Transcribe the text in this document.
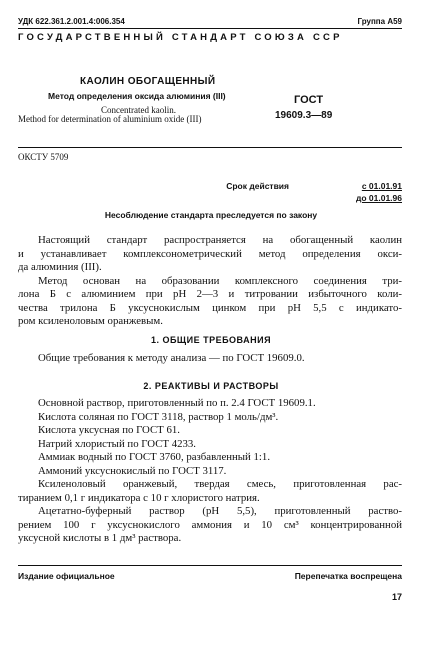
УДК 622.361.2.001.4:006.354	Группа А59
ГОСУДАРСТВЕННЫЙ СТАНДАРТ СОЮЗА ССР
КАОЛИН ОБОГАЩЕННЫЙ
Метод определения оксида алюминия (III)
Concentrated kaolin.
Method for determination of aluminium oxide (III)
ГОСТ
19609.3—89
ОКСТУ 5709
Срок действия	с 01.01.91
до 01.01.96
Несоблюдение стандарта преследуется по закону
Настоящий стандарт распространяется на обогащенный каолин
и устанавливает комплексонометрический метод определения окси-
да алюминия (III).
Метод основан на образовании комплексного соединения три-
лона Б с алюминием при pH 2—3 и титровании избыточного коли-
чества трилона Б уксуснокислым цинком при pH 5,5 с индикато-
ром ксиленоловым оранжевым.
1. ОБЩИЕ ТРЕБОВАНИЯ
Общие требования к методу анализа — по ГОСТ 19609.0.
2. РЕАКТИВЫ И РАСТВОРЫ
Основной раствор, приготовленный по п. 2.4 ГОСТ 19609.1.
Кислота соляная по ГОСТ 3118, раствор 1 моль/дм³.
Кислота уксусная по ГОСТ 61.
Натрий хлористый по ГОСТ 4233.
Аммиак водный по ГОСТ 3760, разбавленный 1:1.
Аммоний уксуснокислый по ГОСТ 3117.
Ксиленоловый оранжевый, твердая смесь, приготовленная рас-
тиранием 0,1 г индикатора с 10 г хлористого натрия.
Ацетатно-буферный раствор (pH 5,5), приготовленный раство-
рением 100 г уксуснокислого аммония и 10 см³ концентрированной
уксусной кислоты в 1 дм³ раствора.
Издание официальное	Перепечатка воспрещена
17
